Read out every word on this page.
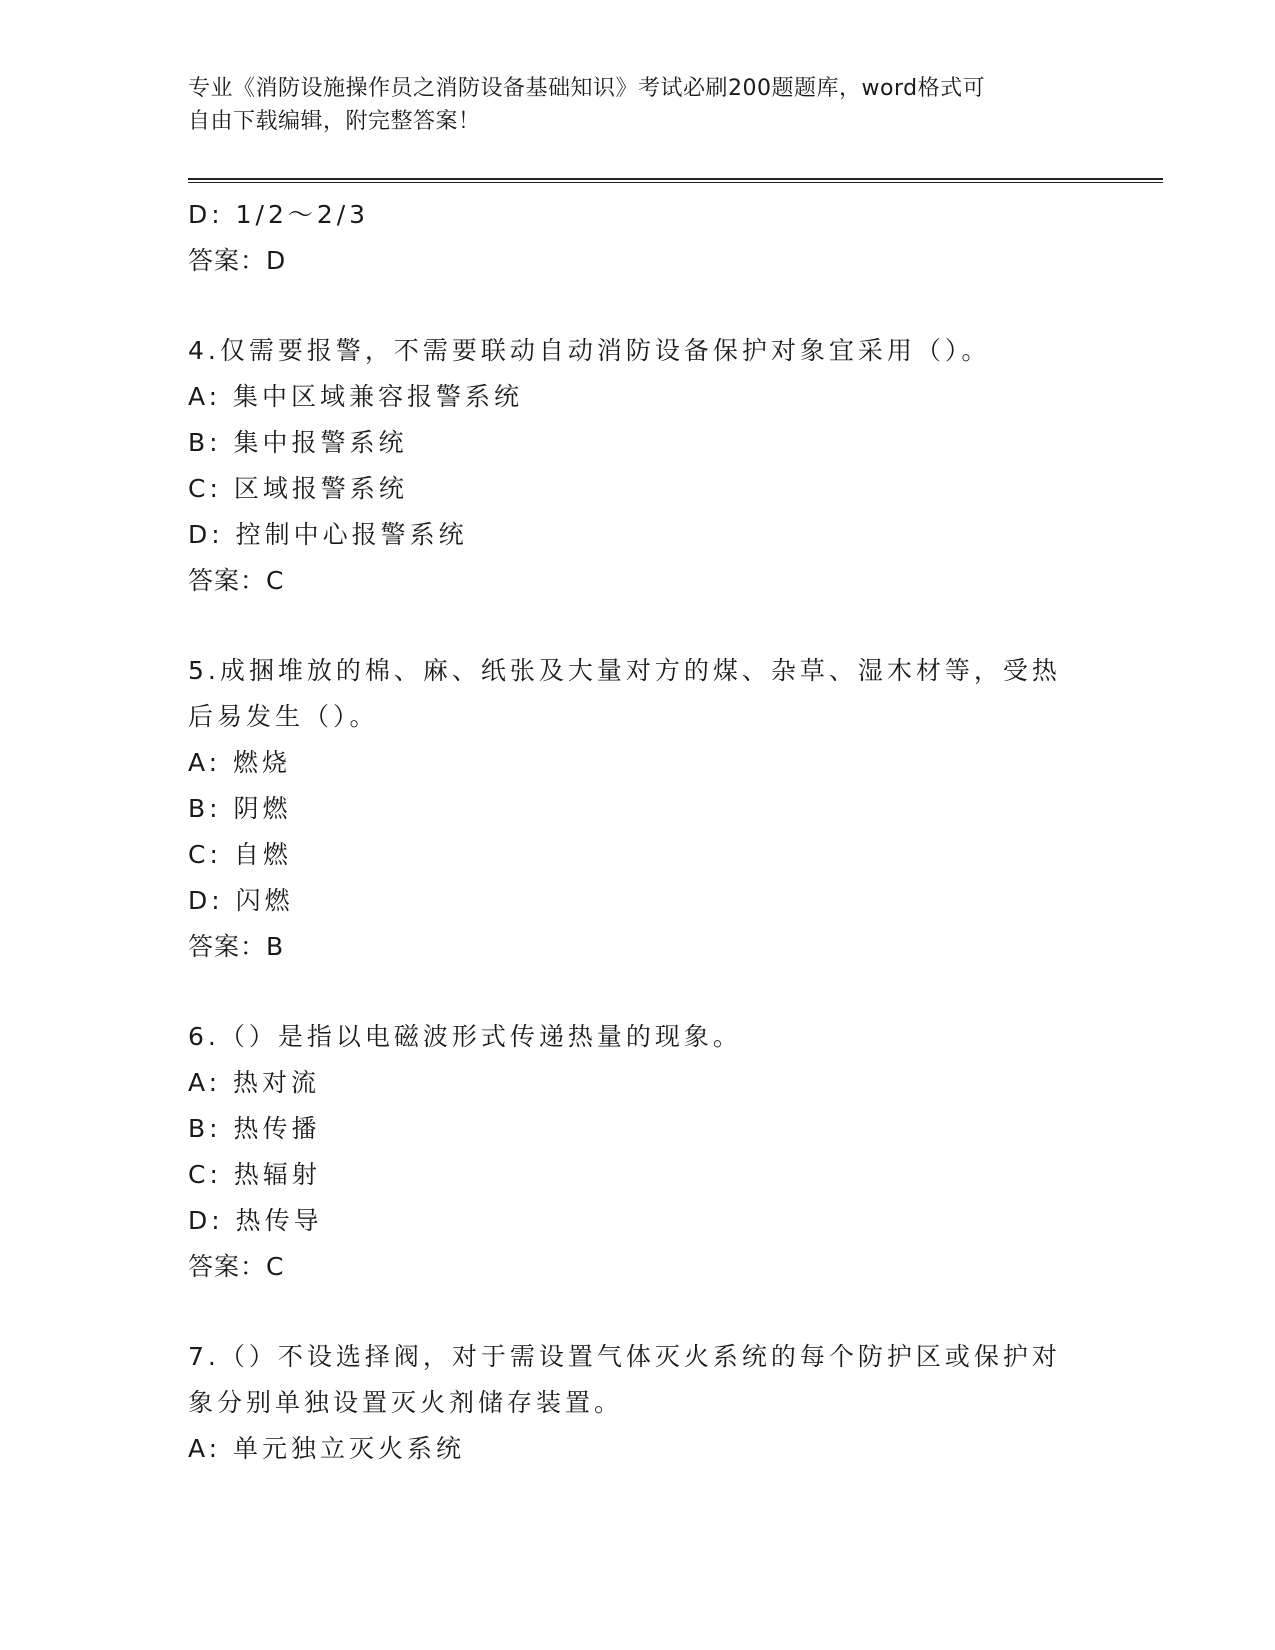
专业《消防设施操作员之消防设备基础知识》考试必刷200题题库，word格式可
自由下载编辑，附完整答案！
D: 1/2～2/3
答案：D
4.仅需要报警，不需要联动自动消防设备保护对象宜采用（）。
A: 集中区域兼容报警系统
B: 集中报警系统
C: 区域报警系统
D: 控制中心报警系统
答案：C
5.成捆堆放的棉、麻、纸张及大量对方的煤、杂草、湿木材等，受热
后易发生（）。
A: 燃烧
B: 阴燃
C: 自燃
D: 闪燃
答案：B
6.（）是指以电磁波形式传递热量的现象。
A: 热对流
B: 热传播
C: 热辐射
D: 热传导
答案：C
7.（）不设选择阀，对于需设置气体灭火系统的每个防护区或保护对
象分别单独设置灭火剂储存装置。
A: 单元独立灭火系统
